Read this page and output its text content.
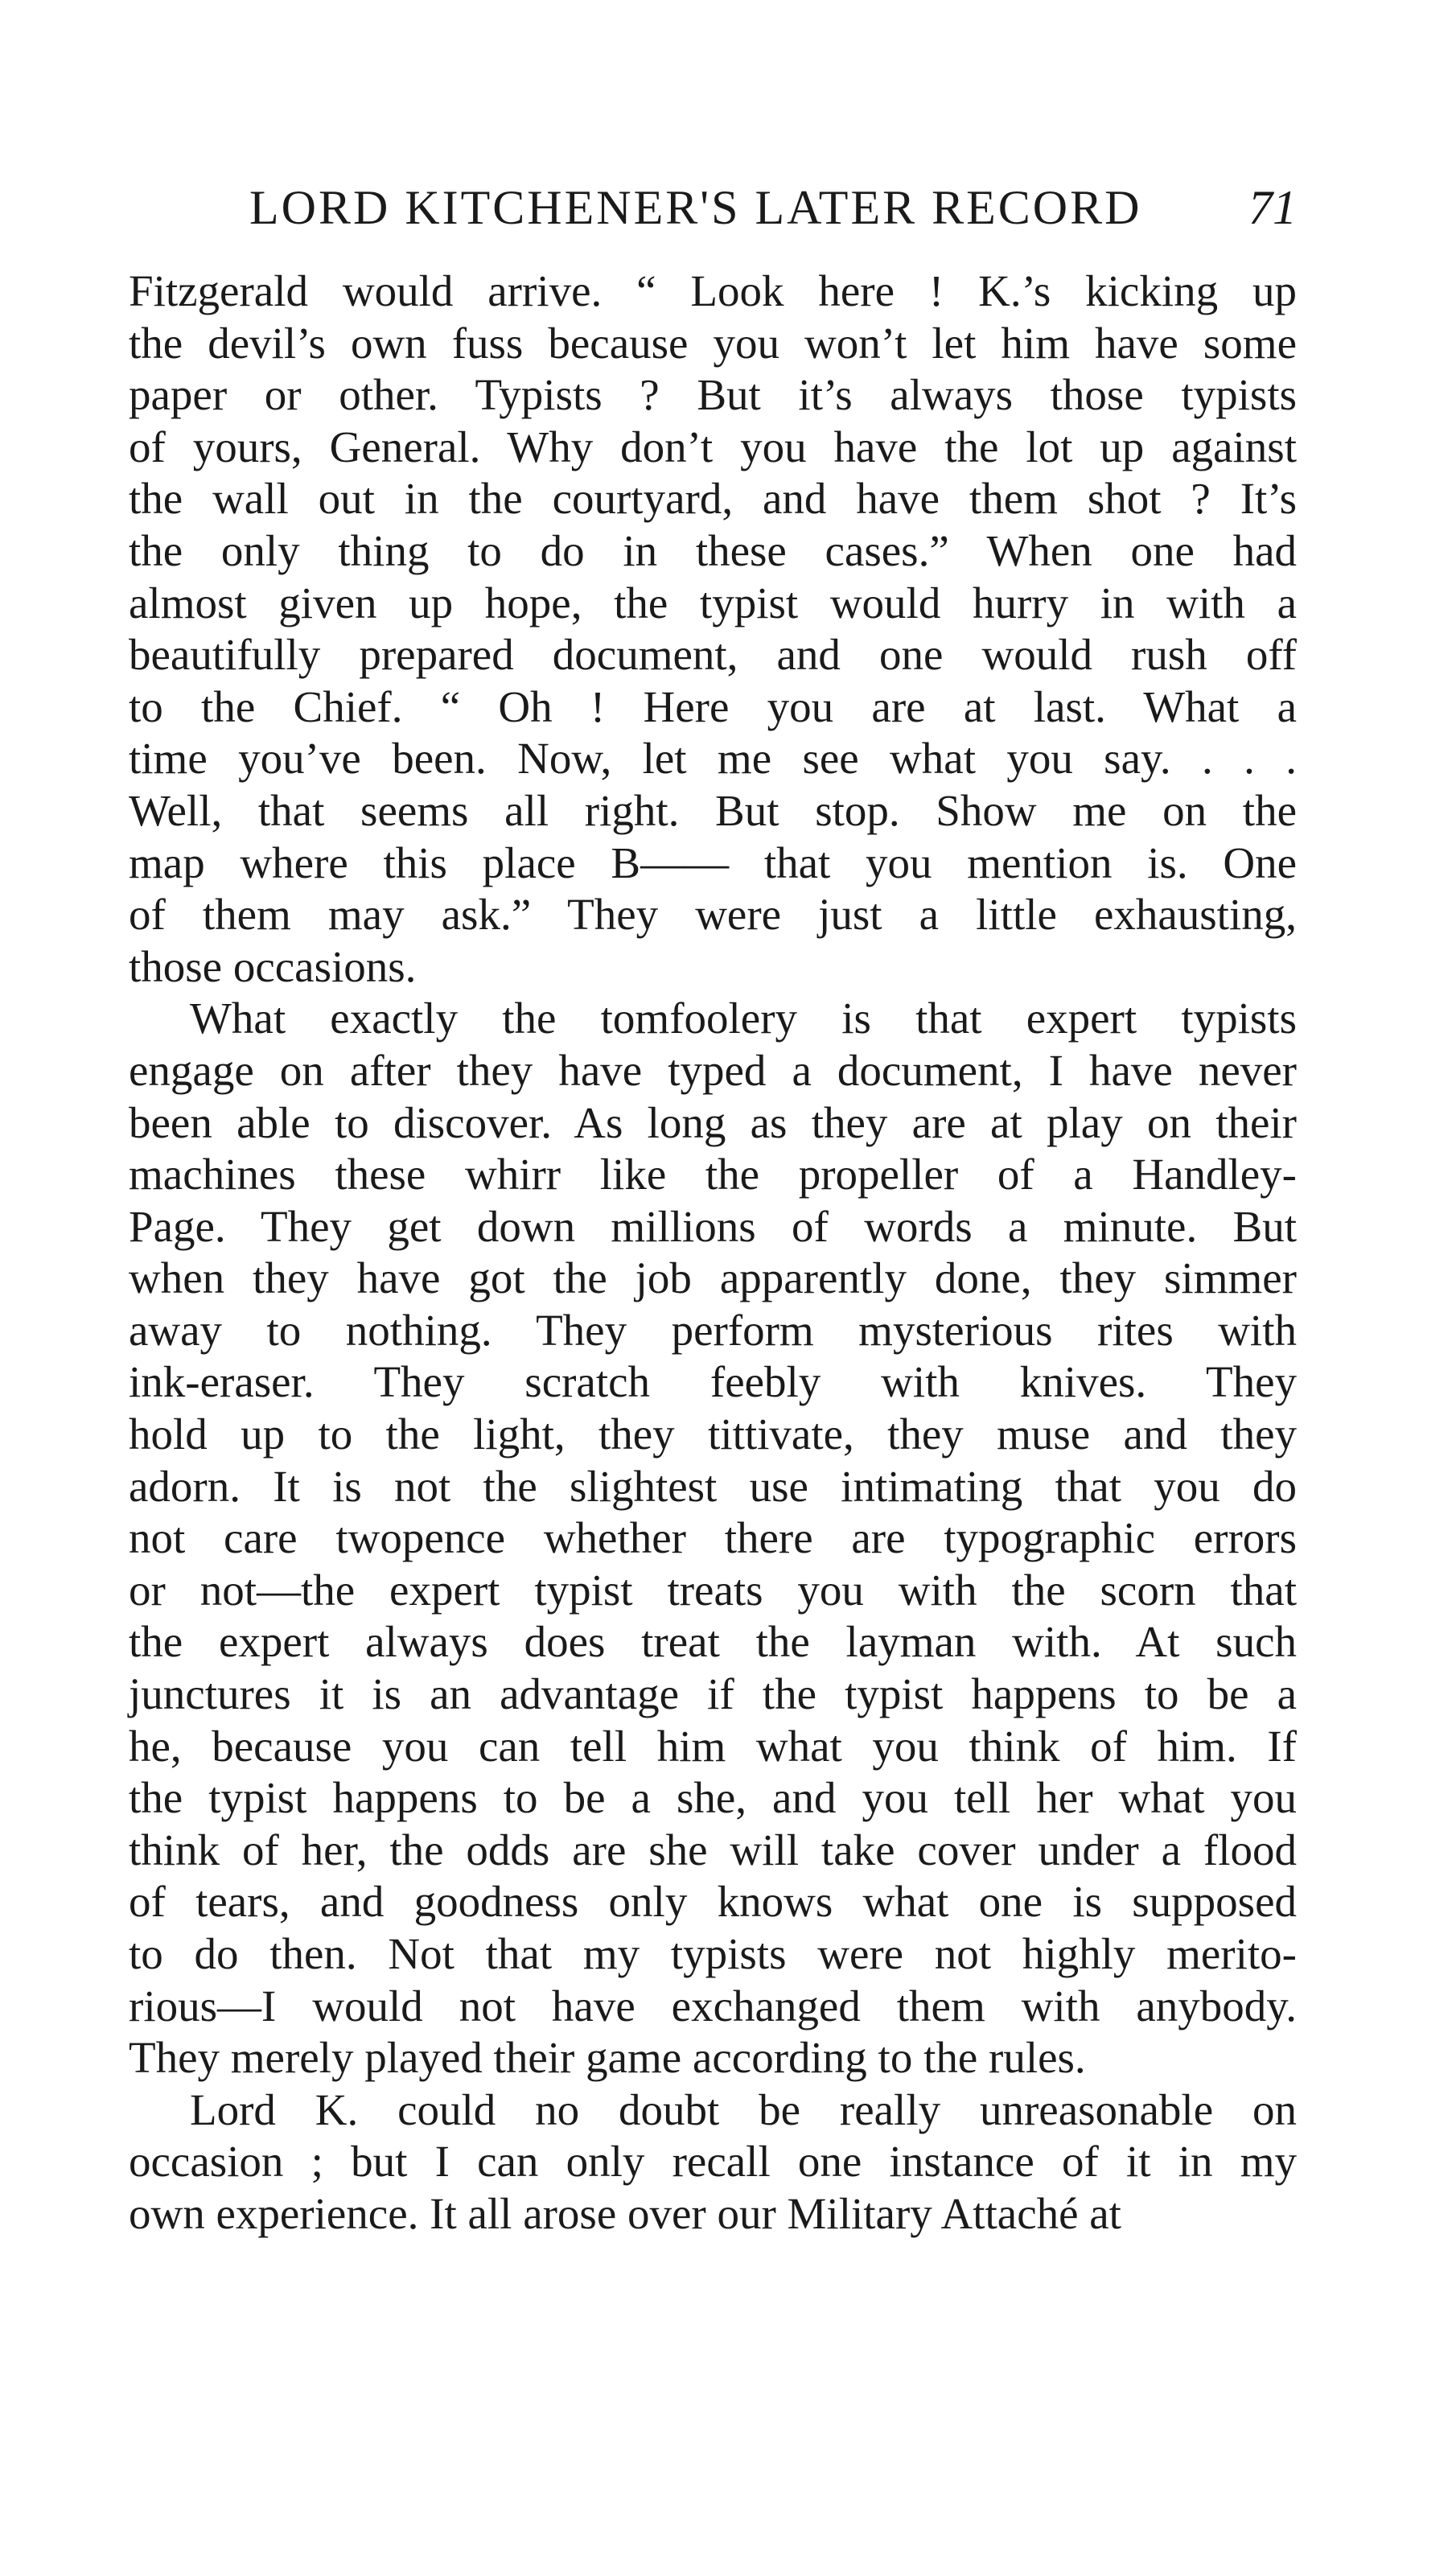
LORD KITCHENER'S LATER RECORD 71
Fitzgerald would arrive. “ Look here ! K.’s kicking up
the devil’s own fuss because you won’t let him have some
paper or other. Typists ? But it’s always those typists
of yours, General. Why don’t you have the lot up against
the wall out in the courtyard, and have them shot ? It’s
the only thing to do in these cases.” When one had
almost given up hope, the typist would hurry in with a
beautifully prepared document, and one would rush off
to the Chief. “ Oh ! Here you are at last. What a
time you’ve been. Now, let me see what you say. . . .
Well, that seems all right. But stop. Show me on the
map where this place B—— that you mention is. One
of them may ask.” They were just a little exhausting,
those occasions.
What exactly the tomfoolery is that expert typists
engage on after they have typed a document, I have never
been able to discover. As long as they are at play on their
machines these whirr like the propeller of a Handley-
Page. They get down millions of words a minute. But
when they have got the job apparently done, they simmer
away to nothing. They perform mysterious rites with
ink-eraser. They scratch feebly with knives. They
hold up to the light, they tittivate, they muse and they
adorn. It is not the slightest use intimating that you do
not care twopence whether there are typographic errors
or not—the expert typist treats you with the scorn that
the expert always does treat the layman with. At such
junctures it is an advantage if the typist happens to be a
he, because you can tell him what you think of him. If
the typist happens to be a she, and you tell her what you
think of her, the odds are she will take cover under a flood
of tears, and goodness only knows what one is supposed
to do then. Not that my typists were not highly merito-
rious—I would not have exchanged them with anybody.
They merely played their game according to the rules.
Lord K. could no doubt be really unreasonable on
occasion ; but I can only recall one instance of it in my
own experience. It all arose over our Military Attaché at
